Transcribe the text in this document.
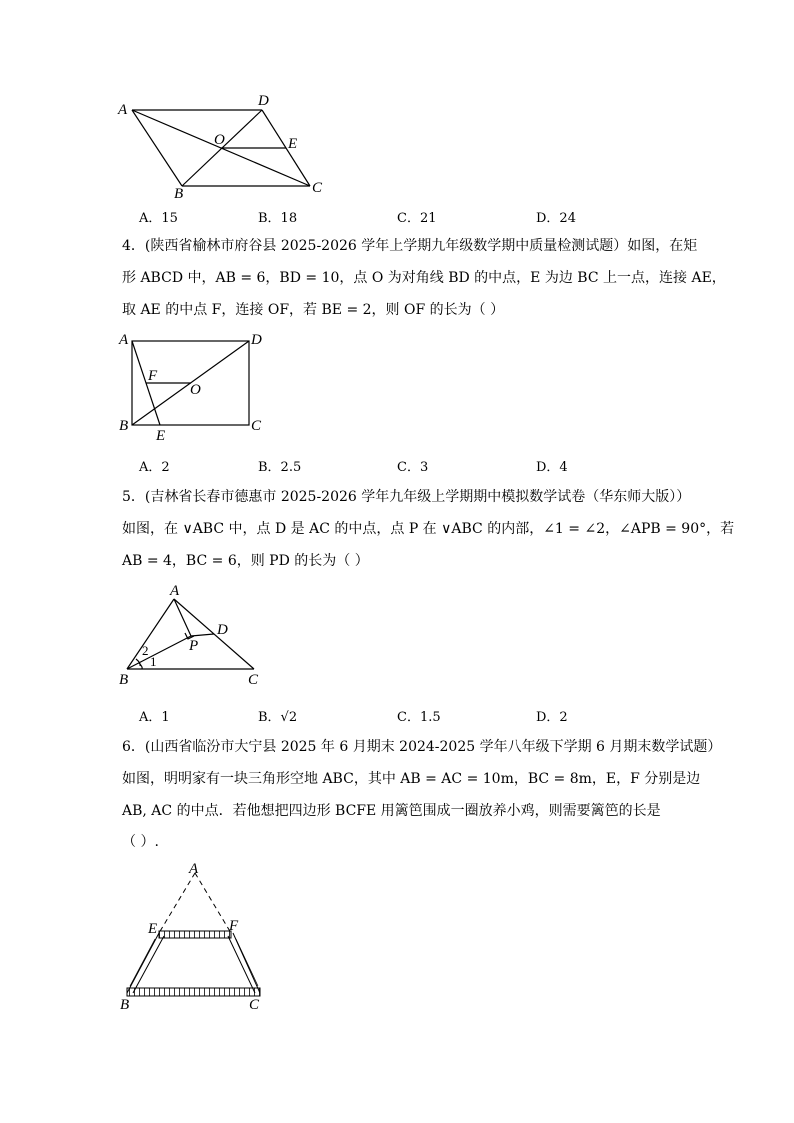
A
D
O	E
B	C
A．15	B．18	C．21	D．24
4．(陕西省榆林市府谷县 2025-2026 学年上学期九年级数学期中质量检测试题）如图，在矩
形 ABCD 中，AB = 6，BD = 10，点 O 为对角线 BD 的中点，E 为边 BC 上一点，连接 AE，
取 AE 的中点 F，连接 OF，若 BE = 2，则 OF 的长为（ ）
A	D
F
O
B	C
E
A．2	B．2.5	C．3	D．4
5．(吉林省长春市德惠市 2025-2026 学年九年级上学期期中模拟数学试卷（华东师大版））
如图，在 ∨ABC 中，点 D 是 AC 的中点，点 P 在 ∨ABC 的内部，∠1 = ∠2，∠APB = 90°，若
AB = 4，BC = 6，则 PD 的长为（ ）
A
D
P
2
1
B	C
A．1	B．√2	C．1.5	D．2
6．(山西省临汾市大宁县 2025 年 6 月期末 2024-2025 学年八年级下学期 6 月期末数学试题）
如图，明明家有一块三角形空地 ABC，其中 AB = AC = 10m，BC = 8m，E，F 分别是边
AB, AC 的中点．若他想把四边形 BCFE 用篱笆围成一圈放养小鸡，则需要篱笆的长是
（ ）.
A
E	F
B	C
